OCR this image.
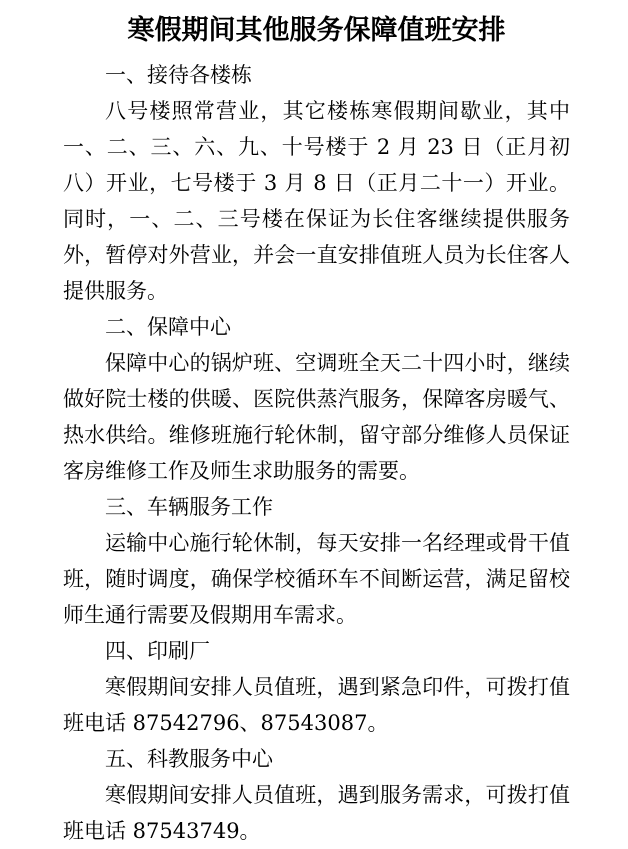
寒假期间其他服务保障值班安排

一、接待各楼栋

八号楼照常营业，其它楼栋寒假期间歇业，其中一、二、三、六、九、十号楼于 2 月 23 日（正月初八）开业，七号楼于 3 月 8 日（正月二十一）开业。同时，一、二、三号楼在保证为长住客继续提供服务外，暂停对外营业，并会一直安排值班人员为长住客人提供服务。

二、保障中心

保障中心的锅炉班、空调班全天二十四小时，继续做好院士楼的供暖、医院供蒸汽服务，保障客房暖气、热水供给。维修班施行轮休制，留守部分维修人员保证客房维修工作及师生求助服务的需要。

三、车辆服务工作

运输中心施行轮休制，每天安排一名经理或骨干值班，随时调度，确保学校循环车不间断运营，满足留校师生通行需要及假期用车需求。

四、印刷厂

寒假期间安排人员值班，遇到紧急印件，可拨打值班电话 87542796、87543087。

五、科教服务中心

寒假期间安排人员值班，遇到服务需求，可拨打值班电话 87543749。
